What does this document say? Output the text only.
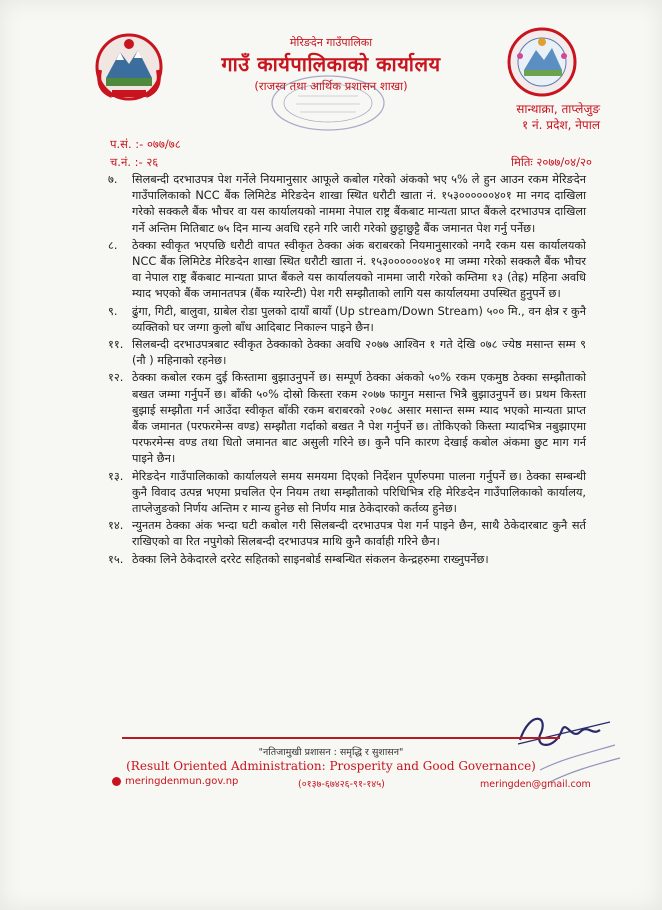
मेरिङदेन गाउँपालिका
गाउँ कार्यपालिकाको कार्यालय
(राजस्व तथा आर्थिक प्रशासन शाखा)
सान्थाक्रा, ताप्लेजुङ
१ नं. प्रदेश, नेपाल
प.सं. :- ०७७/७८
च.नं. :- २६	मितिः २०७७/०४/२०
७.	सिलबन्दी दरभाउपत्र पेश गर्नेले नियमानुसार आफूले कबोल गरेको अंकको भए ५% ले हुन आउन रकम मेरिङदेन गाउँपालिकाको NCC बैंक लिमिटेड मेरिङदेन शाखा स्थित धरौटी खाता नं. १५३००००००४०१ मा नगद दाखिला गरेको सक्कलै बैंक भौचर वा यस कार्यालयको नाममा नेपाल राष्ट्र बैंकबाट मान्यता प्राप्त बैंकले दरभाउपत्र दाखिला गर्ने अन्तिम मितिबाट ७५ दिन मान्य अवधि रहने गरि जारी गरेको छुट्टाछुट्टै बैंक जमानत पेश गर्नु पर्नेछ।
८.	ठेक्का स्वीकृत भएपछि धरौटी वापत स्वीकृत ठेक्का अंक बराबरको नियमानुसारको नगदै रकम यस कार्यालयको NCC बैंक लिमिटेड मेरिङदेन शाखा स्थित धरौटी खाता नं. १५३००००००४०१ मा जम्मा गरेको सक्कलै बैंक भौचर वा नेपाल राष्ट्र बैंकबाट मान्यता प्राप्त बैंकले यस कार्यालयको नाममा जारी गरेको कम्तिमा १३ (तेह्र) महिना अवधि म्याद भएको बैंक जमानतपत्र (बैंक ग्यारेन्टी) पेश गरी सम्झौताको लागि यस कार्यालयमा उपस्थित हुनुपर्ने छ।
९.	ढुंगा, गिटी, बालुवा, ग्राबेल रोडा पुलको दायाँ बायाँ (Up stream/Down Stream) ५०० मि., वन क्षेत्र र कुनै व्यक्तिको घर जग्गा कुलो बाँध आदिबाट निकाल्न पाइने छैन।
११. सिलबन्दी दरभाउपत्रबाट स्वीकृत ठेक्काको ठेक्का अवधि २०७७ आश्विन १ गते देखि ०७८ ज्येष्ठ मसान्त सम्म ९ (नौ ) महिनाको रहनेछ।
१२. ठेक्का कबोल रकम दुई किस्तामा बुझाउनुपर्ने छ। सम्पूर्ण ठेक्का अंकको ५०% रकम एकमुष्ठ ठेक्का सम्झौताको बखत जम्मा गर्नुपर्ने छ। बाँकी ५०% दोस्रो किस्ता रकम २०७७ फागुन मसान्त भित्रै बुझाउनुपर्ने छ। प्रथम किस्ता बुझाई सम्झौता गर्न आउँदा स्वीकृत बाँकी रकम बराबरको २०७८ असार मसान्त सम्म म्याद भएको मान्यता प्राप्त बैंक जमानत (परफरमेन्स वण्ड) सम्झौता गर्दाको बखत नै पेश गर्नुपर्ने छ। तोकिएको किस्ता म्यादभित्र नबुझाएमा परफरमेन्स वण्ड तथा धितो जमानत बाट असुली गरिने छ। कुनै पनि कारण देखाई कबोल अंकमा छुट माग गर्न पाइने छैन।
१३. मेरिङदेन गाउँपालिकाको कार्यालयले समय समयमा दिएको निर्देशन पूर्णरुपमा पालना गर्नुपर्ने छ। ठेक्का सम्बन्धी कुनै विवाद उत्पन्न भएमा प्रचलित ऐन नियम तथा सम्झौताको परिधिभित्र रहि मेरिङदेन गाउँपालिकाको कार्यालय, ताप्लेजुङको निर्णय अन्तिम र मान्य हुनेछ सो निर्णय मान्न ठेकेदारको कर्तव्य हुनेछ।
१४. न्युनतम ठेक्का अंक भन्दा घटी कबोल गरी सिलबन्दी दरभाउपत्र पेश गर्न पाइने छैन, साथै ठेकेदारबाट कुनै सर्त राखिएको वा रित नपुगेको सिलबन्दी दरभाउपत्र माथि कुनै कार्वाही गरिने छैन।
१५. ठेक्का लिने ठेकेदारले दररेट सहितको साइनबोर्ड सम्बन्धित संकलन केन्द्रहरुमा राख्नुपर्नेछ।
"नतिजामुखी प्रशासन : समृद्धि र सुशासन"
(Result Oriented Administration: Prosperity and Good Governance)
meringdenmun.gov.np	(०१३७-६७४२६-९१-१४५)	meringden@gmail.com
